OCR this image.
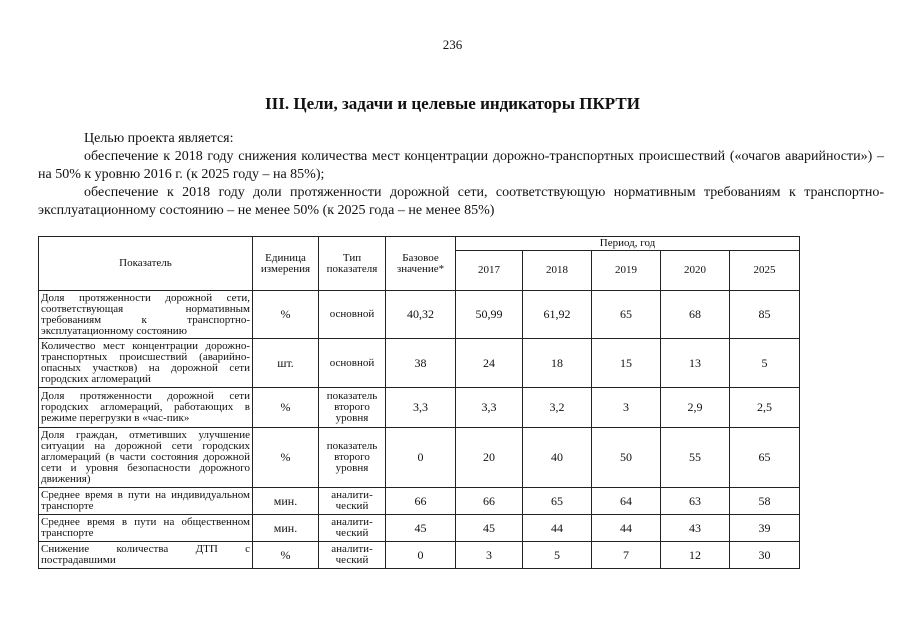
236
III. Цели, задачи и целевые индикаторы ПКРТИ

Целью проекта является:

обеспечение к 2018 году снижения количества мест концентрации дорожно-транспортных происшествий («очагов аварийности») – на 50% к уровню 2016 г. (к 2025 году – на 85%);

обеспечение к 2018 году доли протяженности дорожной сети, соответствующую нормативным требованиям к транспортно-эксплуатационному состоянию – не менее 50% (к 2025 года – не менее 85%)

Показатель	Единица измерения	Тип показателя	Базовое значение*	Период, год				
				2017	2018	2019	2020	2025
Доля протяженности дорожной сети, соответствующая нормативным требованиям к транспортно-эксплуатационному состоянию	%	основной	40,32	50,99	61,92	65	68	85
Количество мест концентрации дорожно-транспортных происшествий (аварийно-опасных участков) на дорожной сети городских агломераций	шт.	основной	38	24	18	15	13	5
Доля протяженности дорожной сети городских агломераций, работающих в режиме перегрузки в «час-пик»	%	показатель второго уровня	3,3	3,3	3,2	3	2,9	2,5
Доля граждан, отметивших улучшение ситуации на дорожной сети городских агломераций (в части состояния дорожной сети и уровня безопасности дорожного движения)	%	показатель второго уровня	0	20	40	50	55	65
Среднее время в пути на индивидуальном транспорте	мин.	аналити-ческий	66	66	65	64	63	58
Среднее время в пути на общественном транспорте	мин.	аналити-ческий	45	45	44	44	43	39
Снижение количества ДТП с пострадавшими	%	аналити-ческий	0	3	5	7	12	30
